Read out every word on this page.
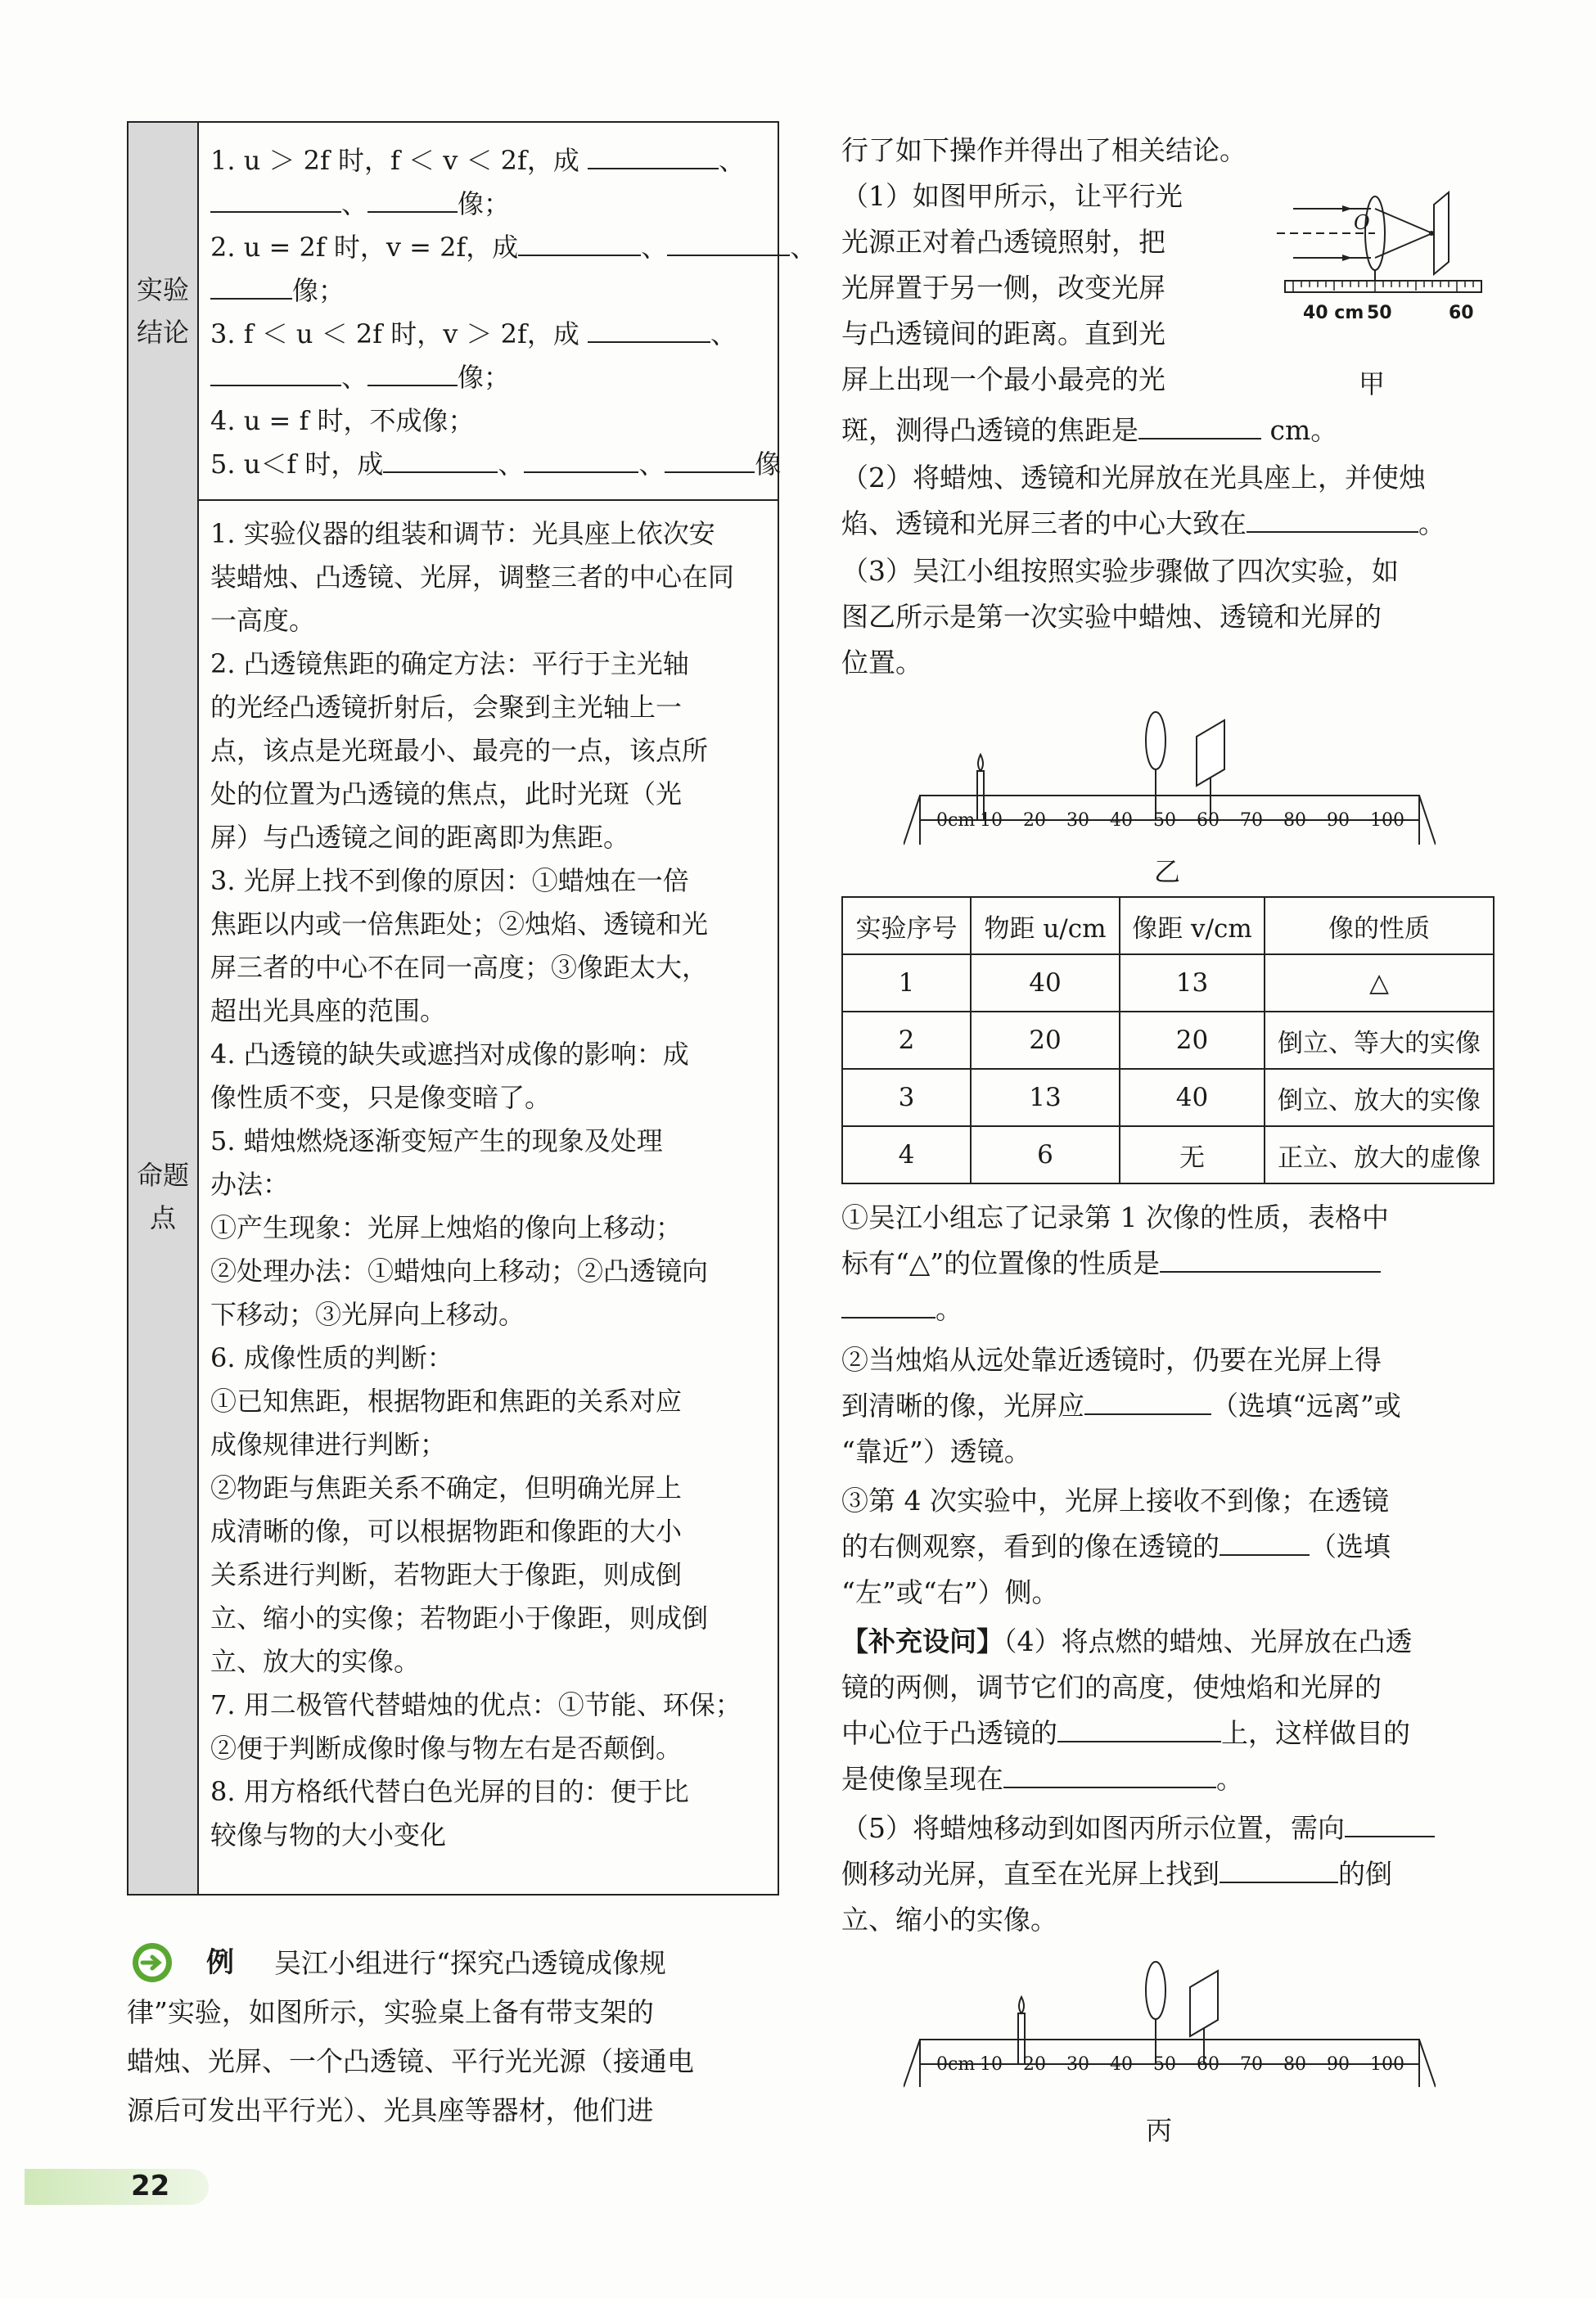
实验
结论
1. u ＞ 2f 时，f ＜ v ＜ 2f，成	、
、	像；
2. u = 2f 时，v = 2f，成	、	、
像；
3. f ＜ u ＜ 2f 时，v ＞ 2f，成	、
、	像；
4. u = f 时，不成像；
5. u＜f 时，成	、	、	像
命题
点
1. 实验仪器的组装和调节：光具座上依次安
装蜡烛、凸透镜、光屏，调整三者的中心在同
一高度。
2. 凸透镜焦距的确定方法：平行于主光轴
的光经凸透镜折射后，会聚到主光轴上一
点，该点是光斑最小、最亮的一点，该点所
处的位置为凸透镜的焦点，此时光斑（光
屏）与凸透镜之间的距离即为焦距。
3. 光屏上找不到像的原因：①蜡烛在一倍
焦距以内或一倍焦距处；②烛焰、透镜和光
屏三者的中心不在同一高度；③像距太大，
超出光具座的范围。
4. 凸透镜的缺失或遮挡对成像的影响：成
像性质不变，只是像变暗了。
5. 蜡烛燃烧逐渐变短产生的现象及处理
办法：
①产生现象：光屏上烛焰的像向上移动；
②处理办法：①蜡烛向上移动；②凸透镜向
下移动；③光屏向上移动。
6. 成像性质的判断：
①已知焦距，根据物距和焦距的关系对应
成像规律进行判断；
②物距与焦距关系不确定，但明确光屏上
成清晰的像，可以根据物距和像距的大小
关系进行判断，若物距大于像距，则成倒
立、缩小的实像；若物距小于像距，则成倒
立、放大的实像。
7. 用二极管代替蜡烛的优点：①节能、环保；
②便于判断成像时像与物左右是否颠倒。
8. 用方格纸代替白色光屏的目的：便于比
较像与物的大小变化
例 吴江小组进行“探究凸透镜成像规
律”实验，如图所示，实验桌上备有带支架的
蜡烛、光屏、一个凸透镜、平行光光源（接通电
源后可发出平行光）、光具座等器材，他们进
22
行了如下操作并得出了相关结论。
（1）如图甲所示，让平行光
光源正对着凸透镜照射，把
光屏置于另一侧，改变光屏
与凸透镜间的距离。直到光
屏上出现一个最小最亮的光
O
40 cm 50	60
甲
斑，测得凸透镜的焦距是	cm。
（2）将蜡烛、透镜和光屏放在光具座上，并使烛
焰、透镜和光屏三者的中心大致在	。
（3）吴江小组按照实验步骤做了四次实验，如
图乙所示是第一次实验中蜡烛、透镜和光屏的
位置。
0cm 10 20 30 40 50 60 70 80 90 100
乙
实验序号	物距 u/cm	像距 v/cm	像的性质
1	40	13	△
2	20	20	倒立、等大的实像
3	13	40	倒立、放大的实像
4	6	无	正立、放大的虚像
①吴江小组忘了记录第 1 次像的性质，表格中
标有“△”的位置像的性质是
。
②当烛焰从远处靠近透镜时，仍要在光屏上得
到清晰的像，光屏应	（选填“远离”或
“靠近”）透镜。
③第 4 次实验中，光屏上接收不到像；在透镜
的右侧观察，看到的像在透镜的	（选填
“左”或“右”）侧。
【补充设问】（4）将点燃的蜡烛、光屏放在凸透
镜的两侧，调节它们的高度，使烛焰和光屏的
中心位于凸透镜的	上，这样做目的
是使像呈现在	。
（5）将蜡烛移动到如图丙所示位置，需向
侧移动光屏，直至在光屏上找到	的倒
立、缩小的实像。
0cm 10 20 30 40 50 60 70 80 90 100
丙
